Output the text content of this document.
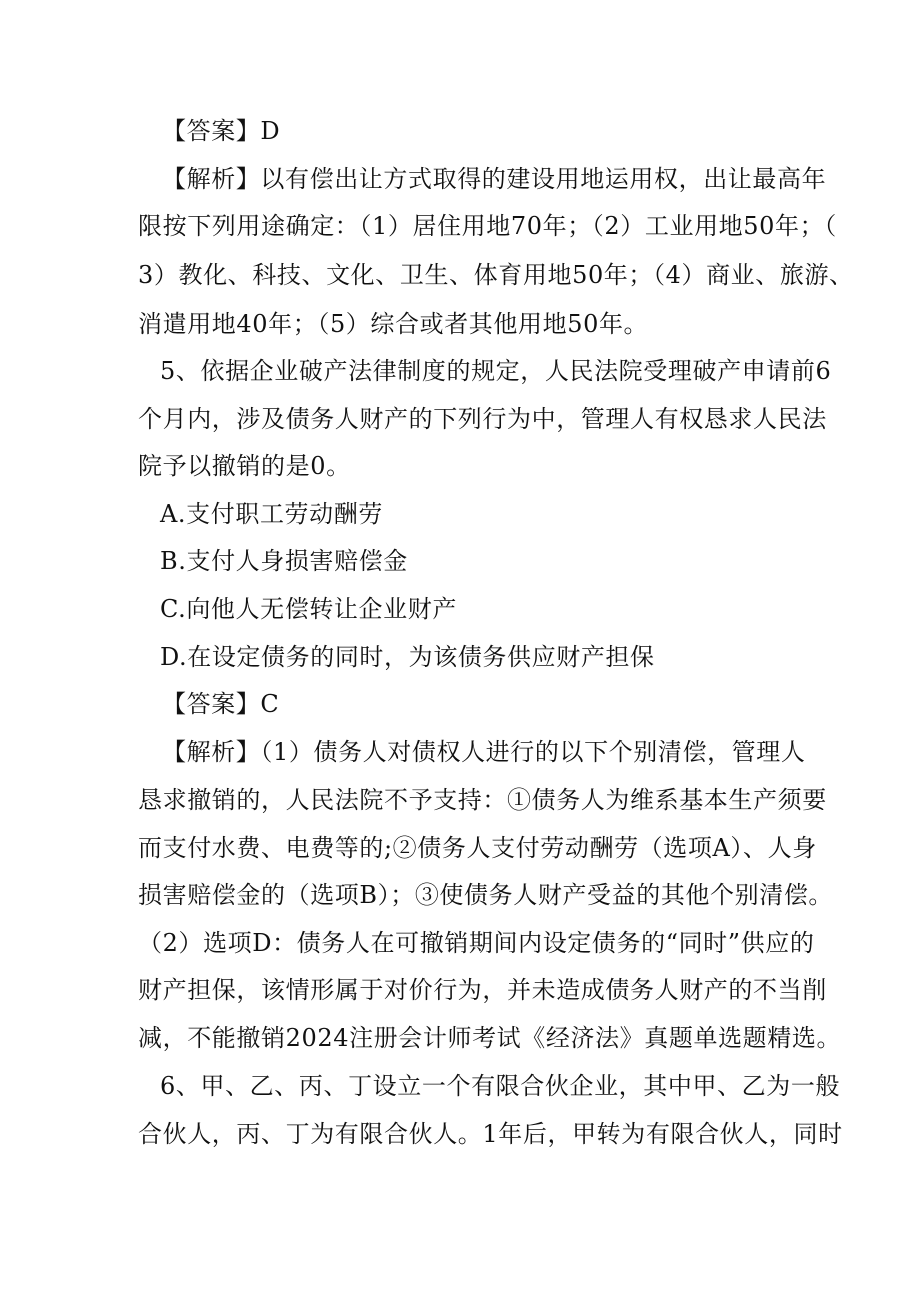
【答案】D
【解析】以有偿出让方式取得的建设用地运用权，出让最高年
限按下列用途确定：（1）居住用地70年；（2）工业用地50年；（
3）教化、科技、文化、卫生、体育用地50年；（4）商业、旅游、
消遣用地40年；（5）综合或者其他用地50年。
5、依据企业破产法律制度的规定，人民法院受理破产申请前6
个月内，涉及债务人财产的下列行为中，管理人有权恳求人民法
院予以撤销的是0。
A.支付职工劳动酬劳
B.支付人身损害赔偿金
C.向他人无偿转让企业财产
D.在设定债务的同时，为该债务供应财产担保
【答案】C
【解析】（1）债务人对债权人进行的以下个别清偿，管理人
恳求撤销的，人民法院不予支持：①债务人为维系基本生产须要
而支付水费、电费等的;②债务人支付劳动酬劳（选项A）、人身
损害赔偿金的（选项B）；③使债务人财产受益的其他个别清偿。
（2）选项D：债务人在可撤销期间内设定债务的“同时”供应的
财产担保，该情形属于对价行为，并未造成债务人财产的不当削
减，不能撤销2024注册会计师考试《经济法》真题单选题精选。
6、甲、乙、丙、丁设立一个有限合伙企业，其中甲、乙为一般
合伙人，丙、丁为有限合伙人。1年后，甲转为有限合伙人，同时
